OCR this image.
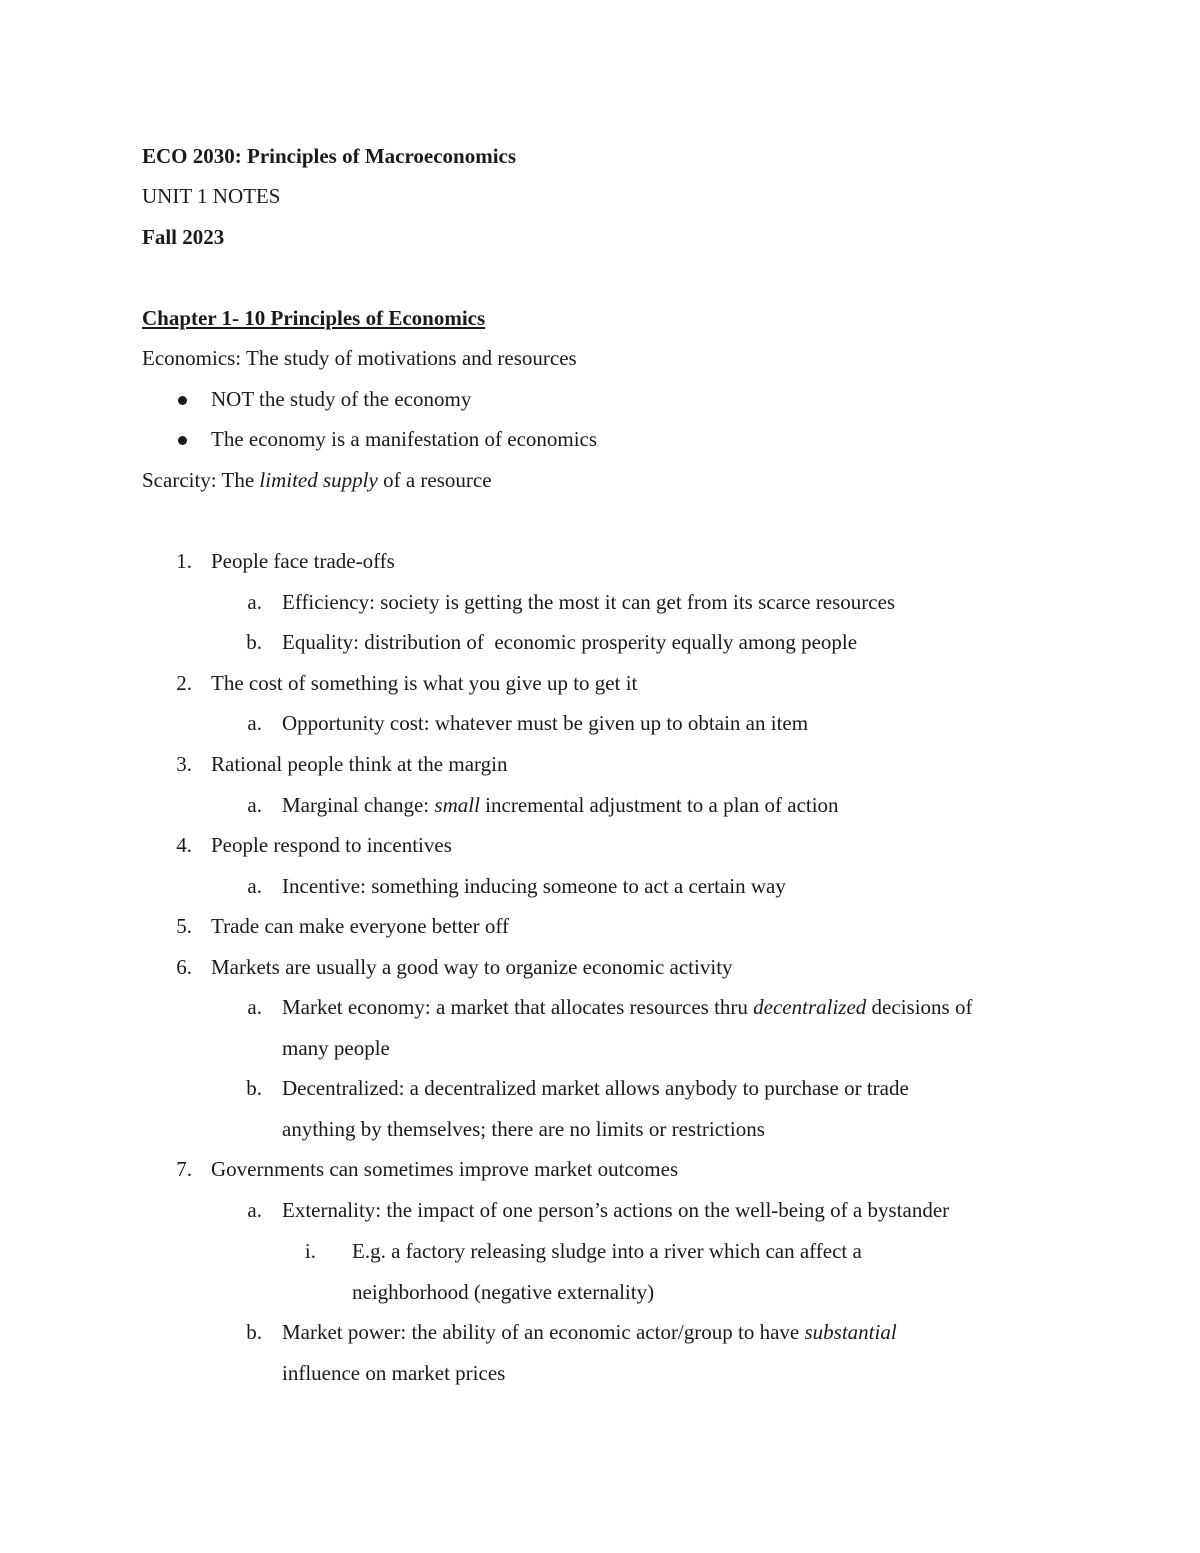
ECO 2030: Principles of Macroeconomics
UNIT 1 NOTES
Fall 2023
Chapter 1- 10 Principles of Economics
Economics: The study of motivations and resources
NOT the study of the economy
The economy is a manifestation of economics
Scarcity: The limited supply of a resource
1. People face trade-offs
a. Efficiency: society is getting the most it can get from its scarce resources
b. Equality: distribution of  economic prosperity equally among people
2. The cost of something is what you give up to get it
a. Opportunity cost: whatever must be given up to obtain an item
3. Rational people think at the margin
a. Marginal change: small incremental adjustment to a plan of action
4. People respond to incentives
a. Incentive: something inducing someone to act a certain way
5. Trade can make everyone better off
6. Markets are usually a good way to organize economic activity
a. Market economy: a market that allocates resources thru decentralized decisions of
many people
b. Decentralized: a decentralized market allows anybody to purchase or trade
anything by themselves; there are no limits or restrictions
7. Governments can sometimes improve market outcomes
a. Externality: the impact of one person’s actions on the well-being of a bystander
i. E.g. a factory releasing sludge into a river which can affect a
neighborhood (negative externality)
b. Market power: the ability of an economic actor/group to have substantial
influence on market prices
